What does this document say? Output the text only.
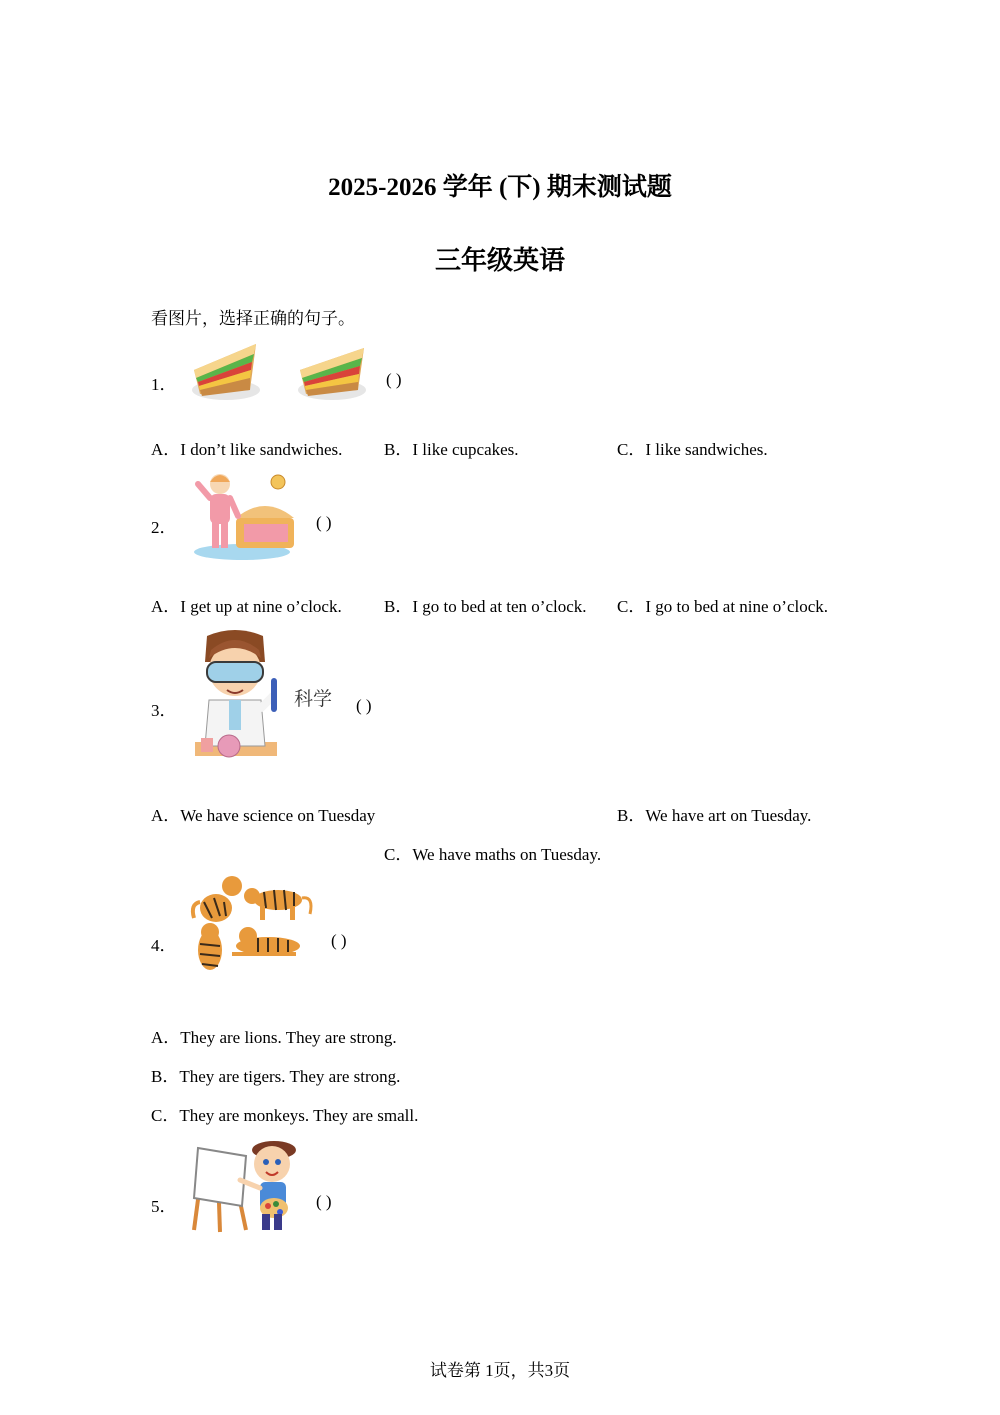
2025-2026 学年 (下) 期末测试题
三年级英语
看图片，选择正确的句子。
1．	( )
A．I don’t like sandwiches. B．I like cupcakes.	C．I like sandwiches.
2．	( )
A．I get up at nine o’clock. B．I go to bed at ten o’clock. C．I go to bed at nine o’clock.
3．
科学 ( )
A．We have science on Tuesday	B．We have art on Tuesday.
C．We have maths on Tuesday.
4．	( )
A．They are lions. They are strong.
B．They are tigers. They are strong.
C．They are monkeys. They are small.
5．	( )
试卷第 1页，共3页
